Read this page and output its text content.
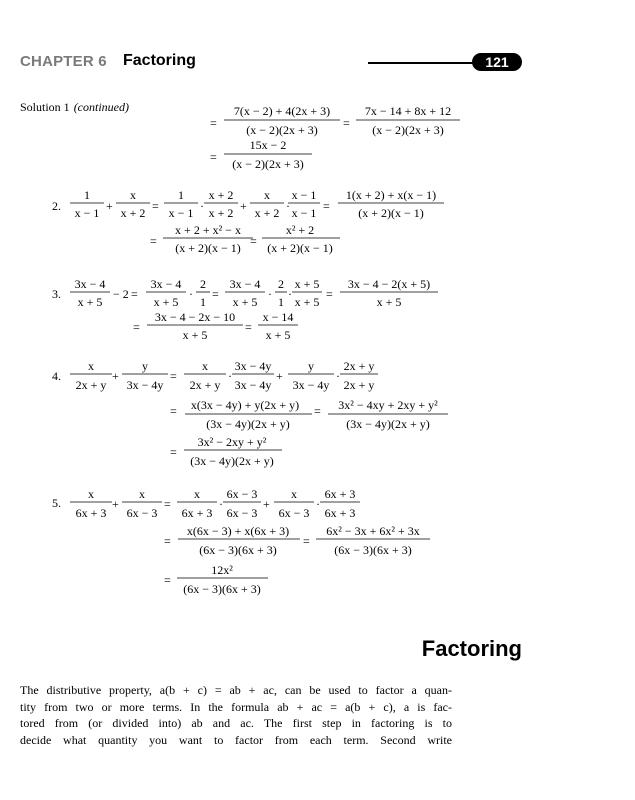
CHAPTER 6 Factoring	121
Solution 1 (continued)
=
7(x − 2) + 4(2x + 3)
(x − 2)(2x + 3) =
7x − 14 + 8x + 12
(x − 2)(2x + 3)
=
15x − 2
(x − 2)(2x + 3)
2.
1
x − 1 +
x
x + 2 =
1
x − 1 ·
x + 2
x + 2 +
x
x + 2 ·
x − 1
x − 1 =
1(x + 2) + x(x − 1)
(x + 2)(x − 1)
=
x + 2 + x² − x
(x + 2)(x − 1) =
x² + 2
(x + 2)(x − 1)
3.
3x − 4
x + 5
− 2 =
3x − 4
x + 5
·
2
1
=
3x − 4
x + 5
·
2
1
·
x + 5
x + 5
=
3x − 4 − 2(x + 5)
x + 5
=
3x − 4 − 2x − 10
x + 5
=
x − 14
x + 5
4.
x
2x + y
+
y
3x − 4y
=
x
2x + y
·
3x − 4y
3x − 4y
+
y
3x − 4y
·
2x + y
2x + y
= x(3x − 4y) + y(2x + y)
(3x − 4y)(2x + y)
= 3x² − 4xy + 2xy + y²
(3x − 4y)(2x + y)
=
3x² − 2xy + y²
(3x − 4y)(2x + y)
5.
x
6x + 3
+
x
6x − 3
=
x
6x + 3
·
6x − 3
6x − 3
+
x
6x − 3
·
6x + 3
6x + 3
=
x(6x − 3) + x(6x + 3)
(6x − 3)(6x + 3)
=
6x² − 3x + 6x² + 3x
(6x − 3)(6x + 3)
=
12x²
(6x − 3)(6x + 3)
Factoring
The distributive property, a(b + c) = ab + ac, can be used to factor a quan-
tity from two or more terms. In the formula ab + ac = a(b + c), a is fac-
tored from (or divided into) ab and ac. The first step in factoring is to
decide what quantity you want to factor from each term. Second write
